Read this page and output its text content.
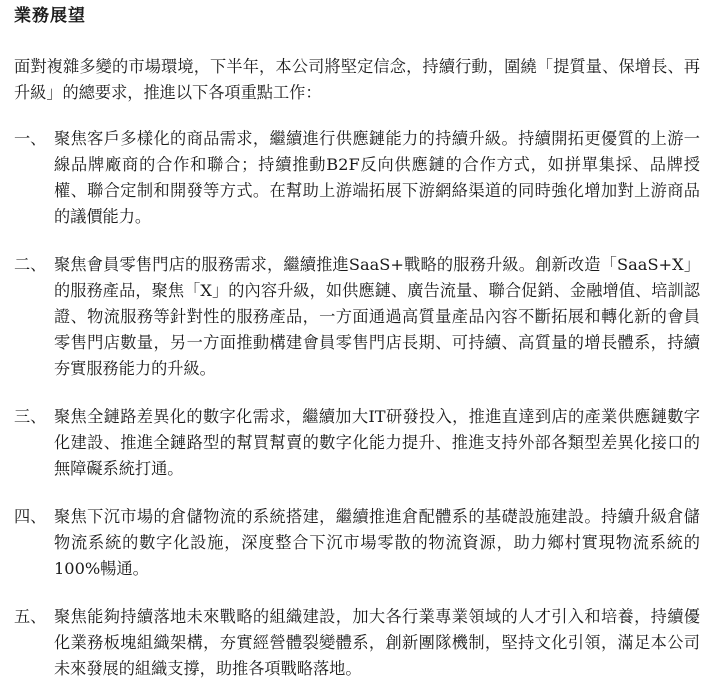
業務展望
面對複雜多變的市場環境，下半年，本公司將堅定信念，持續行動，圍繞「提質量、保增長、再升級」的總要求，推進以下各項重點工作：
一、 聚焦客戶多樣化的商品需求，繼續進行供應鏈能力的持續升級。持續開拓更優質的上游一線品牌廠商的合作和聯合；持續推動B2F反向供應鏈的合作方式，如拼單集採、品牌授權、聯合定制和開發等方式。在幫助上游端拓展下游網絡渠道的同時強化增加對上游商品的議價能力。
二、 聚焦會員零售門店的服務需求，繼續推進SaaS+戰略的服務升級。創新改造「SaaS+X」的服務產品，聚焦「X」的內容升級，如供應鏈、廣告流量、聯合促銷、金融增值、培訓認證、物流服務等針對性的服務產品，一方面通過高質量產品內容不斷拓展和轉化新的會員零售門店數量，另一方面推動構建會員零售門店長期、可持續、高質量的增長體系，持續夯實服務能力的升級。
三、 聚焦全鏈路差異化的數字化需求，繼續加大IT研發投入，推進直達到店的產業供應鏈數字化建設、推進全鏈路型的幫買幫賣的數字化能力提升、推進支持外部各類型差異化接口的無障礙系統打通。
四、 聚焦下沉市場的倉儲物流的系統搭建，繼續推進倉配體系的基礎設施建設。持續升級倉儲物流系統的數字化設施，深度整合下沉市場零散的物流資源，助力鄉村實現物流系統的100%暢通。
五、 聚焦能夠持續落地未來戰略的組織建設，加大各行業專業領域的人才引入和培養，持續優化業務板塊組織架構，夯實經營體裂變體系，創新團隊機制，堅持文化引領，滿足本公司未來發展的組織支撐，助推各項戰略落地。
